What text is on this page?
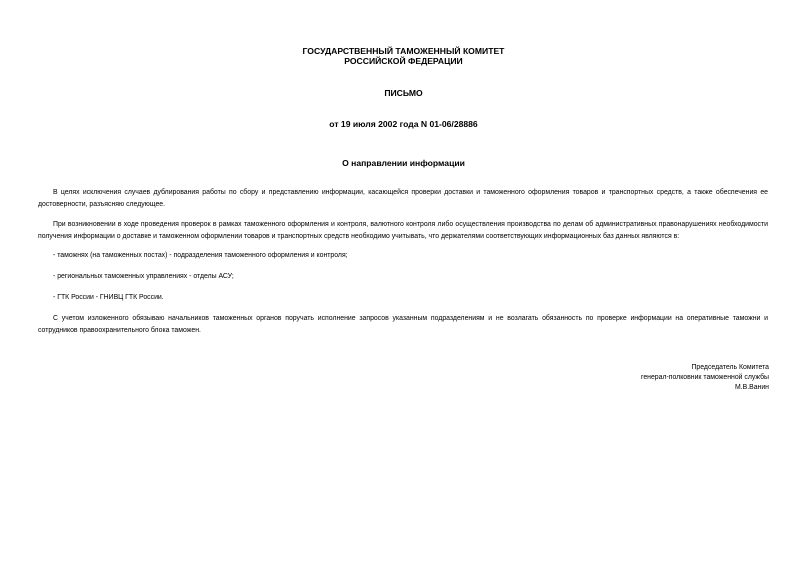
ГОСУДАРСТВЕННЫЙ ТАМОЖЕННЫЙ КОМИТЕТ
РОССИЙСКОЙ ФЕДЕРАЦИИ
ПИСЬМО
от 19 июля 2002 года N 01-06/28886
О направлении информации
В целях исключения случаев дублирования работы по сбору и представлению информации, касающейся проверки доставки и таможенного оформления товаров и транспортных средств, а также обеспечения ее достоверности, разъясняю следующее.
При возникновении в ходе проведения проверок в рамках таможенного оформления и контроля, валютного контроля либо осуществления производства по делам об административных правонарушениях необходимости получения информации о доставке и таможенном оформлении товаров и транспортных средств необходимо учитывать, что держателями соответствующих информационных баз данных являются в:
- таможнях (на таможенных постах) - подразделения таможенного оформления и контроля;
- региональных таможенных управлениях - отделы АСУ;
- ГТК России - ГНИВЦ ГТК России.
С учетом изложенного обязываю начальников таможенных органов поручать исполнение запросов указанным подразделениям и не возлагать обязанность по проверке информации на оперативные таможни и сотрудников правоохранительного блока таможен.
Председатель Комитета
генерал-полковник таможенной службы
М.В.Ванин
